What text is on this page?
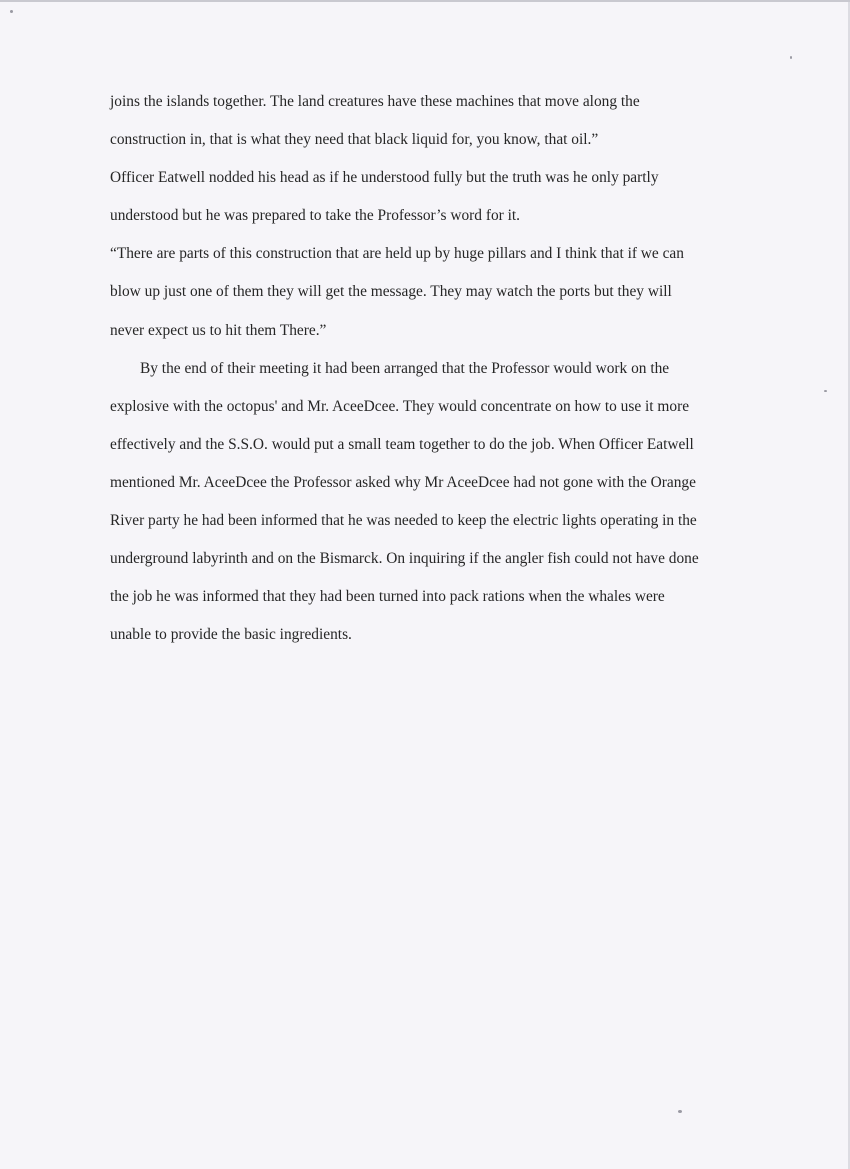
joins the islands together. The land creatures have these machines that move along the
construction in, that is what they need that black liquid for, you know, that oil.”
Officer Eatwell nodded his head as if he understood fully but the truth was he only partly
understood but he was prepared to take the Professor’s word for it.
“There are parts of this construction that are held up by huge pillars and I think that if we can
blow up just one of them they will get the message. They may watch the ports but they will
never expect us to hit them There.”
By the end of their meeting it had been arranged that the Professor would work on the
explosive with the octopus' and Mr. AceeDcee. They would concentrate on how to use it more
effectively and the S.S.O. would put a small team together to do the job. When Officer Eatwell
mentioned Mr. AceeDcee the Professor asked why Mr AceeDcee had not gone with the Orange
River party he had been informed that he was needed to keep the electric lights operating in the
underground labyrinth and on the Bismarck. On inquiring if the angler fish could not have done
the job he was informed that they had been turned into pack rations when the whales were
unable to provide the basic ingredients.
